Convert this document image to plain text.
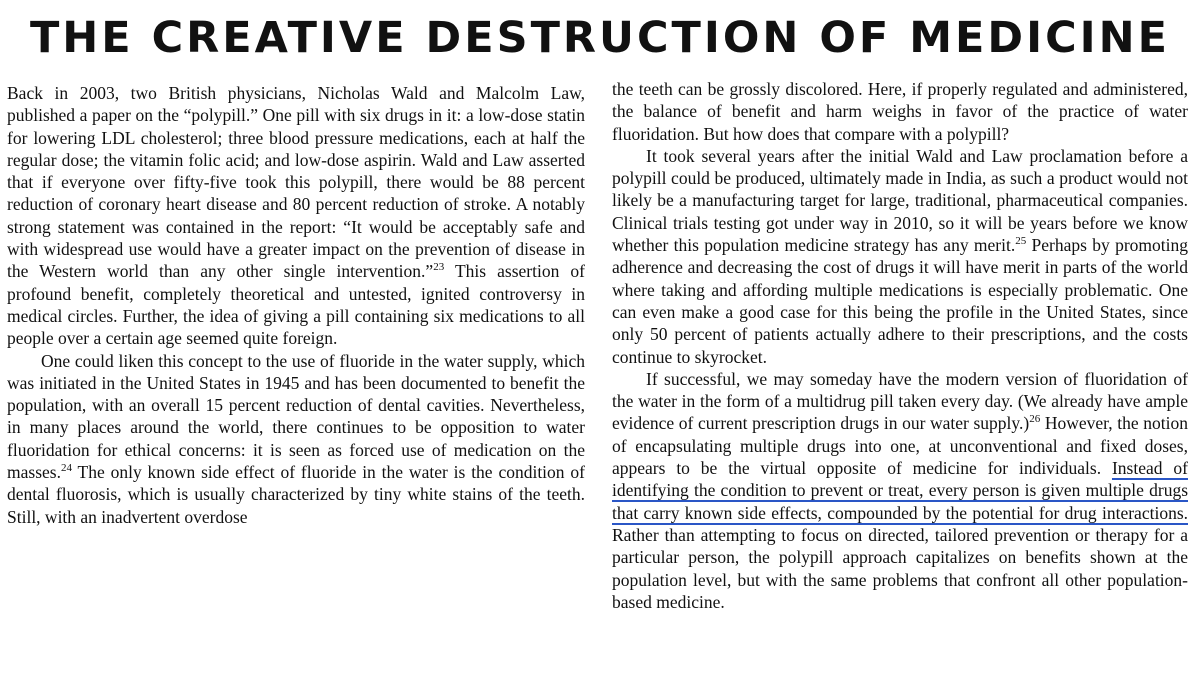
THE CREATIVE DESTRUCTION OF MEDICINE

Back in 2003, two British physicians, Nicholas Wald and Malcolm Law, published a paper on the “polypill.” One pill with six drugs in it: a low-dose statin for lowering LDL cholesterol; three blood pressure medications, each at half the regular dose; the vitamin folic acid; and low-dose aspirin. Wald and Law asserted that if everyone over fifty-five took this polypill, there would be 88 percent reduction of coronary heart disease and 80 percent reduction of stroke. A notably strong statement was contained in the report: “It would be acceptably safe and with widespread use would have a greater impact on the prevention of disease in the Western world than any other single intervention.”$^{23}$ This assertion of profound benefit, completely theoretical and untested, ignited controversy in medical circles. Further, the idea of giving a pill containing six medications to all people over a certain age seemed quite foreign.

One could liken this concept to the use of fluoride in the water supply, which was initiated in the United States in 1945 and has been documented to benefit the population, with an overall 15 percent reduction of dental cavities. Nevertheless, in many places around the world, there continues to be opposition to water fluoridation for ethical concerns: it is seen as forced use of medication on the masses.$^{24}$ The only known side effect of fluoride in the water is the condition of dental fluorosis, which is usually characterized by tiny white stains of the teeth. Still, with an inadvertent overdose

the teeth can be grossly discolored. Here, if properly regulated and administered, the balance of benefit and harm weighs in favor of the practice of water fluoridation. But how does that compare with a polypill?

It took several years after the initial Wald and Law proclamation before a polypill could be produced, ultimately made in India, as such a product would not likely be a manufacturing target for large, traditional, pharmaceutical companies. Clinical trials testing got under way in 2010, so it will be years before we know whether this population medicine strategy has any merit.$^{25}$ Perhaps by promoting adherence and decreasing the cost of drugs it will have merit in parts of the world where taking and affording multiple medications is especially problematic. One can even make a good case for this being the profile in the United States, since only 50 percent of patients actually adhere to their prescriptions, and the costs continue to skyrocket.

If successful, we may someday have the modern version of fluoridation of the water in the form of a multidrug pill taken every day. (We already have ample evidence of current prescription drugs in our water supply.)$^{26}$ However, the notion of encapsulating multiple drugs into one, at unconventional and fixed doses, appears to be the virtual opposite of medicine for individuals. Instead of identifying the condition to prevent or treat, every person is given multiple drugs that carry known side effects, compounded by the potential for drug interactions. Rather than attempting to focus on directed, tailored prevention or therapy for a particular person, the polypill approach capitalizes on benefits shown at the population level, but with the same problems that confront all other population-based medicine.
